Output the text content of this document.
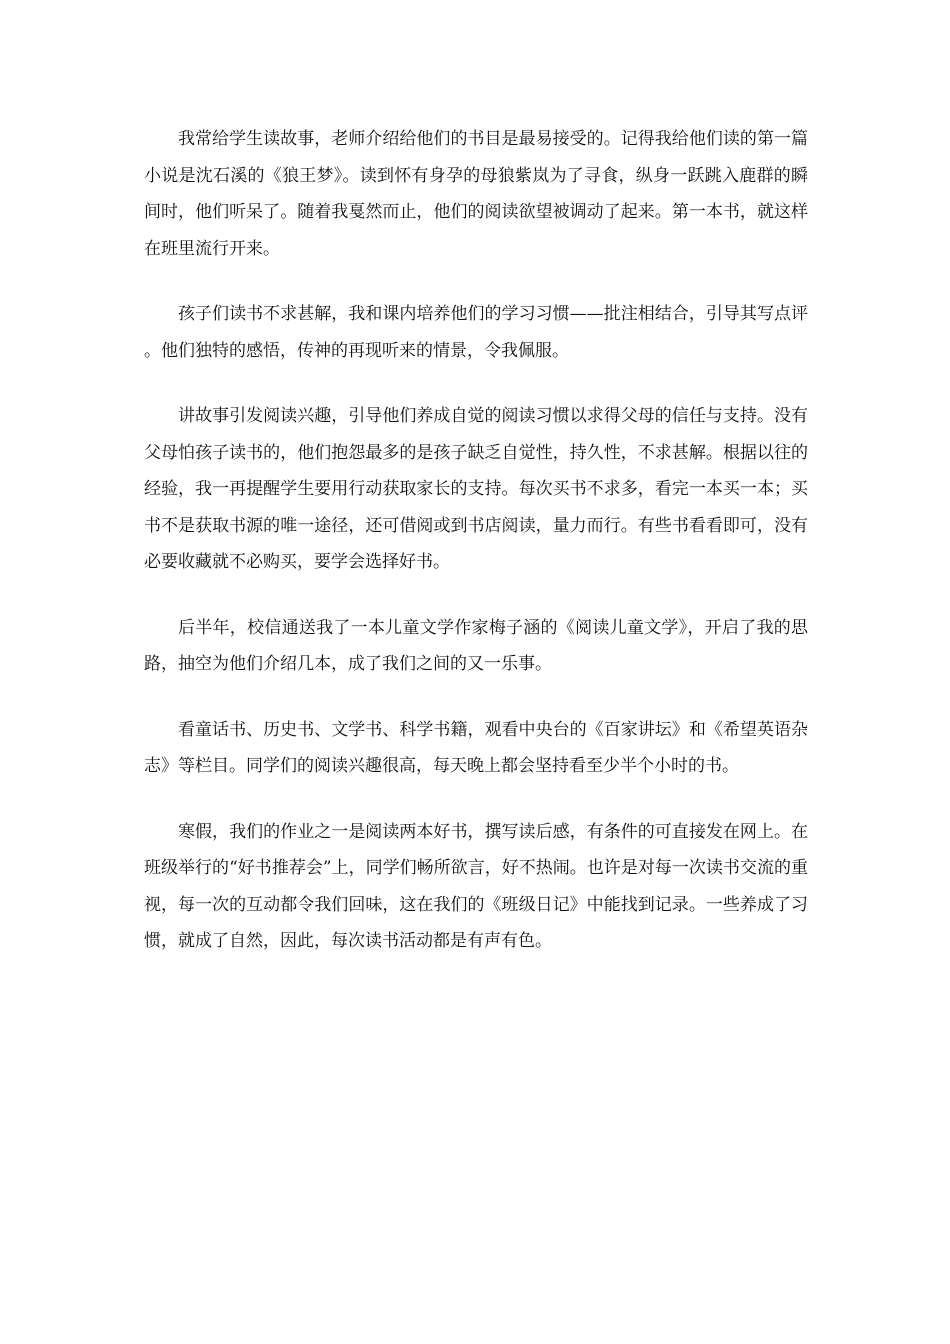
我常给学生读故事，老师介绍给他们的书目是最易接受的。记得我给他们读的第一篇小说是沈石溪的《狼王梦》。读到怀有身孕的母狼紫岚为了寻食，纵身一跃跳入鹿群的瞬间时，他们听呆了。随着我戛然而止，他们的阅读欲望被调动了起来。第一本书，就这样在班里流行开来。

孩子们读书不求甚解，我和课内培养他们的学习习惯——批注相结合，引导其写点评。他们独特的感悟，传神的再现听来的情景，令我佩服。

讲故事引发阅读兴趣，引导他们养成自觉的阅读习惯以求得父母的信任与支持。没有父母怕孩子读书的，他们抱怨最多的是孩子缺乏自觉性，持久性，不求甚解。根据以往的经验，我一再提醒学生要用行动获取家长的支持。每次买书不求多，看完一本买一本；买书不是获取书源的唯一途径，还可借阅或到书店阅读，量力而行。有些书看看即可，没有必要收藏就不必购买，要学会选择好书。

后半年，校信通送我了一本儿童文学作家梅子涵的《阅读儿童文学》，开启了我的思路，抽空为他们介绍几本，成了我们之间的又一乐事。

看童话书、历史书、文学书、科学书籍，观看中央台的《百家讲坛》和《希望英语杂志》等栏目。同学们的阅读兴趣很高，每天晚上都会坚持看至少半个小时的书。

寒假，我们的作业之一是阅读两本好书，撰写读后感，有条件的可直接发在网上。在班级举行的“好书推荐会”上，同学们畅所欲言，好不热闹。也许是对每一次读书交流的重视，每一次的互动都令我们回味，这在我们的《班级日记》中能找到记录。一些养成了习惯，就成了自然，因此，每次读书活动都是有声有色。
